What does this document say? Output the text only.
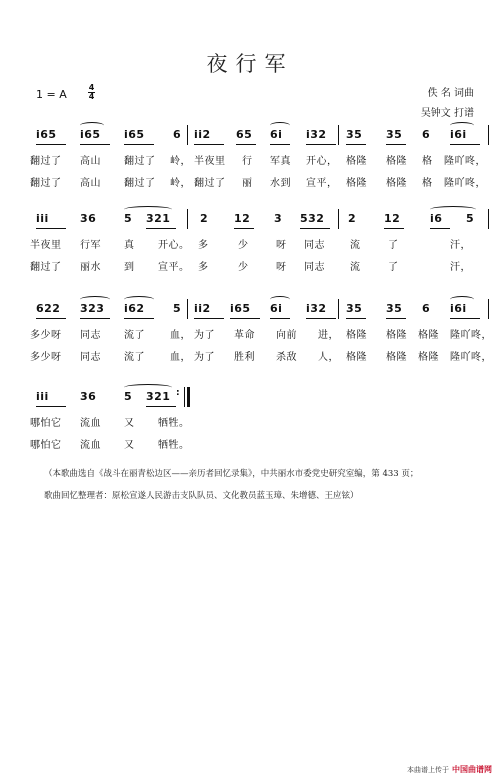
夜行军
1 = A
4
4	佚 名 词曲
吴钟文 打谱
i65 i65 i65	6 ii2 65 6i i32 35 35 6 i6i
翻过了 高山 翻过了 岭， 半夜里 行 军真 开心， 格隆 格隆 格 隆吖咚，
翻过了 高山 翻过了 岭， 翻过了 丽 水到 宣平， 格隆 格隆 格 隆吖咚，
iii	36	5 321	2 12 3 532 2	12	i6 5
半夜里 行军 真 开心。 多	少	呀 同志	流	了	汗，
翻过了 丽水 到 宣平。 多	少	呀 同志	流	了	汗，
622 323 i62	5 ii2 i65 6i i32 35 35 6 i6i
多少呀 同志 流了	血， 为了 革命 向前 进， 格隆 格隆 格隆 隆吖咚，
多少呀 同志 流了	血， 为了 胜利 杀敌 人， 格隆 格隆 格隆 隆吖咚，
iii	36	5 321 :
哪怕它 流血 又 牺牲。
哪怕它 流血 又 牺牲。
（本歌曲选自《战斗在丽青松边区——亲历者回忆录集》，中共丽水市委党史研究室编，第 433 页；
歌曲回忆整理者：原松宣遂人民游击支队队员、文化教员蓝玉璋、朱增德、王应铉）
本曲谱上传于 中国曲谱网
